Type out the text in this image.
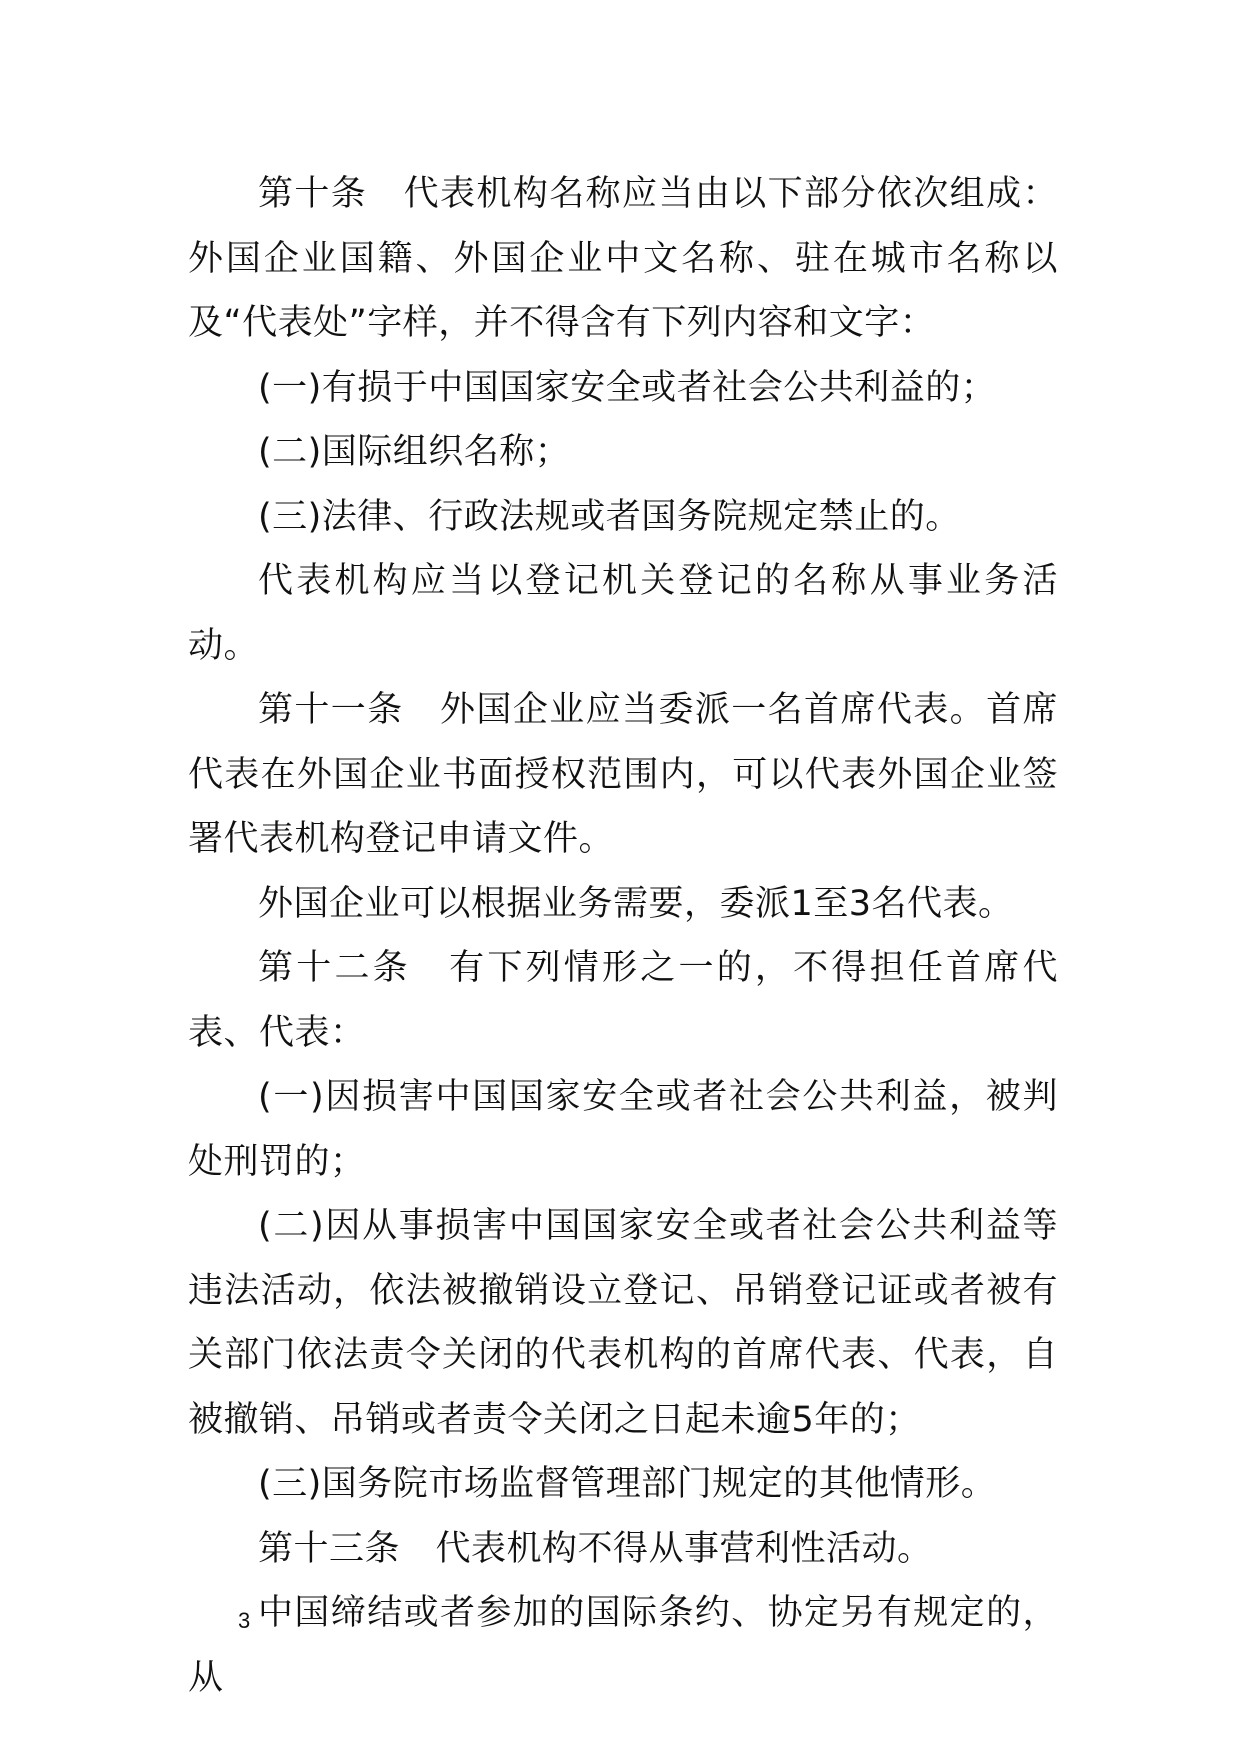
第十条　代表机构名称应当由以下部分依次组成：外国企业国籍、外国企业中文名称、驻在城市名称以及“代表处”字样，并不得含有下列内容和文字：

(一)有损于中国国家安全或者社会公共利益的；

(二)国际组织名称；

(三)法律、行政法规或者国务院规定禁止的。

代表机构应当以登记机关登记的名称从事业务活动。

第十一条　外国企业应当委派一名首席代表。首席代表在外国企业书面授权范围内，可以代表外国企业签署代表机构登记申请文件。

外国企业可以根据业务需要，委派1至3名代表。

第十二条　有下列情形之一的，不得担任首席代表、代表：

(一)因损害中国国家安全或者社会公共利益，被判处刑罚的；

(二)因从事损害中国国家安全或者社会公共利益等违法活动，依法被撤销设立登记、吊销登记证或者被有关部门依法责令关闭的代表机构的首席代表、代表，自被撤销、吊销或者责令关闭之日起未逾5年的；

(三)国务院市场监督管理部门规定的其他情形。

第十三条　代表机构不得从事营利性活动。

中国缔结或者参加的国际条约、协定另有规定的，从

3
